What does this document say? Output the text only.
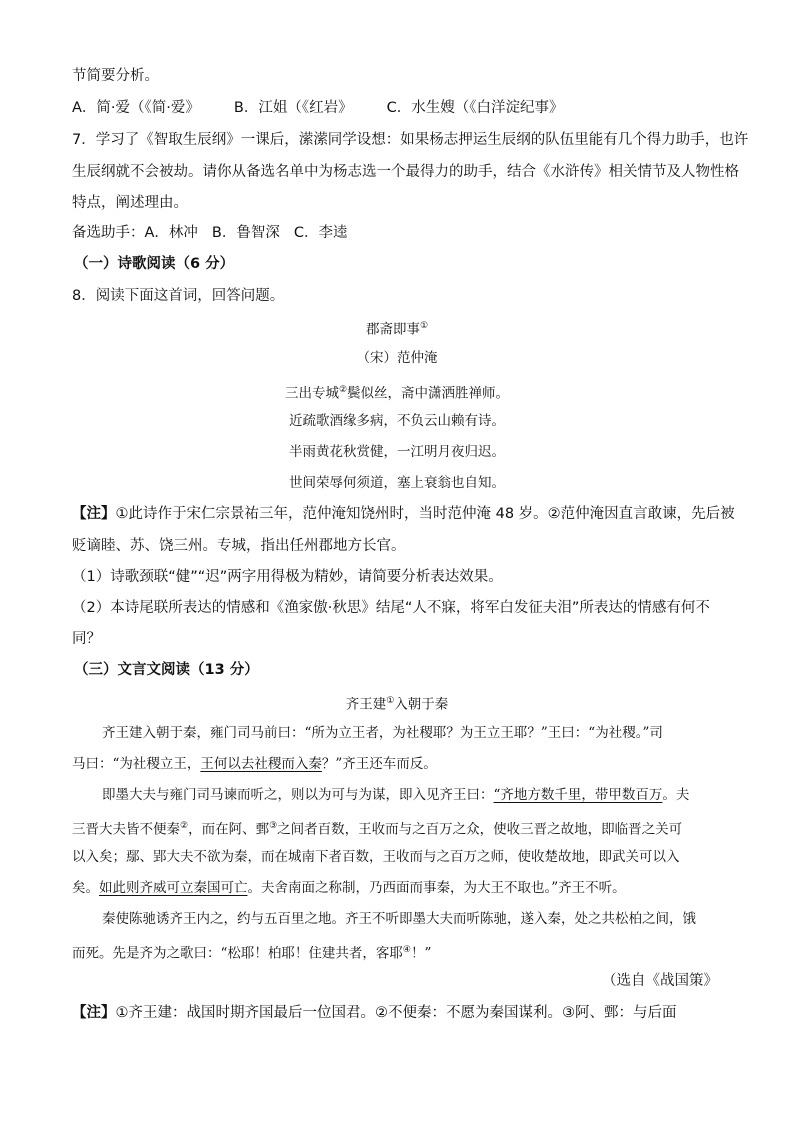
节简要分析。
A．简·爱（《简·爱》 B．江姐（《红岩》 C．水生嫂（《白洋淀纪事》
7．学习了《智取生辰纲》一课后，潆潆同学设想：如果杨志押运生辰纲的队伍里能有几个得力助手，也许
生辰纲就不会被劫。请你从备选名单中为杨志选一个最得力的助手，结合《水浒传》相关情节及人物性格
特点，阐述理由。
备选助手：A．林冲 B．鲁智深 C．李逵
（一）诗歌阅读（6 分）
8．阅读下面这首词，回答问题。
郡斋即事①
（宋）范仲淹
三出专城②鬓似丝，斋中潇洒胜禅师。
近疏歌酒缘多病，不负云山赖有诗。
半雨黄花秋赏健，一江明月夜归迟。
世间荣辱何须道，塞上衰翁也自知。
【注】①此诗作于宋仁宗景祐三年，范仲淹知饶州时，当时范仲淹 48 岁。②范仲淹因直言敢谏，先后被
贬谪睦、苏、饶三州。专城，指出任州郡地方长官。
（1）诗歌颈联“健”“迟”两字用得极为精妙，请简要分析表达效果。
（2）本诗尾联所表达的情感和《渔家傲·秋思》结尾“人不寐，将军白发征夫泪”所表达的情感有何不
同？
（三）文言文阅读（13 分）
齐王建①入朝于秦
齐王建入朝于秦，雍门司马前曰：“所为立王者，为社稷耶？为王立王耶？”王曰：“为社稷。”司
马曰：“为社稷立王，王何以去社稷而入秦？”齐王还车而反。
即墨大夫与雍门司马谏而听之，则以为可与为谋，即入见齐王曰：“齐地方数千里，带甲数百万。夫
三晋大夫皆不便秦②，而在阿、鄄③之间者百数，王收而与之百万之众，使收三晋之故地，即临晋之关可
以入矣；鄢、郢大夫不欲为秦，而在城南下者百数，王收而与之百万之师，使收楚故地，即武关可以入
矣。如此则齐威可立秦国可亡。夫舍南面之称制，乃西面而事秦，为大王不取也。”齐王不听。
秦使陈驰诱齐王内之，约与五百里之地。齐王不听即墨大夫而听陈驰，遂入秦，处之共松柏之间，饿
而死。先是齐为之歌曰：“松耶！柏耶！住建共者，客耶④！”
（选自《战国策》
【注】①齐王建：战国时期齐国最后一位国君。②不便秦：不愿为秦国谋利。③阿、鄄：与后面
